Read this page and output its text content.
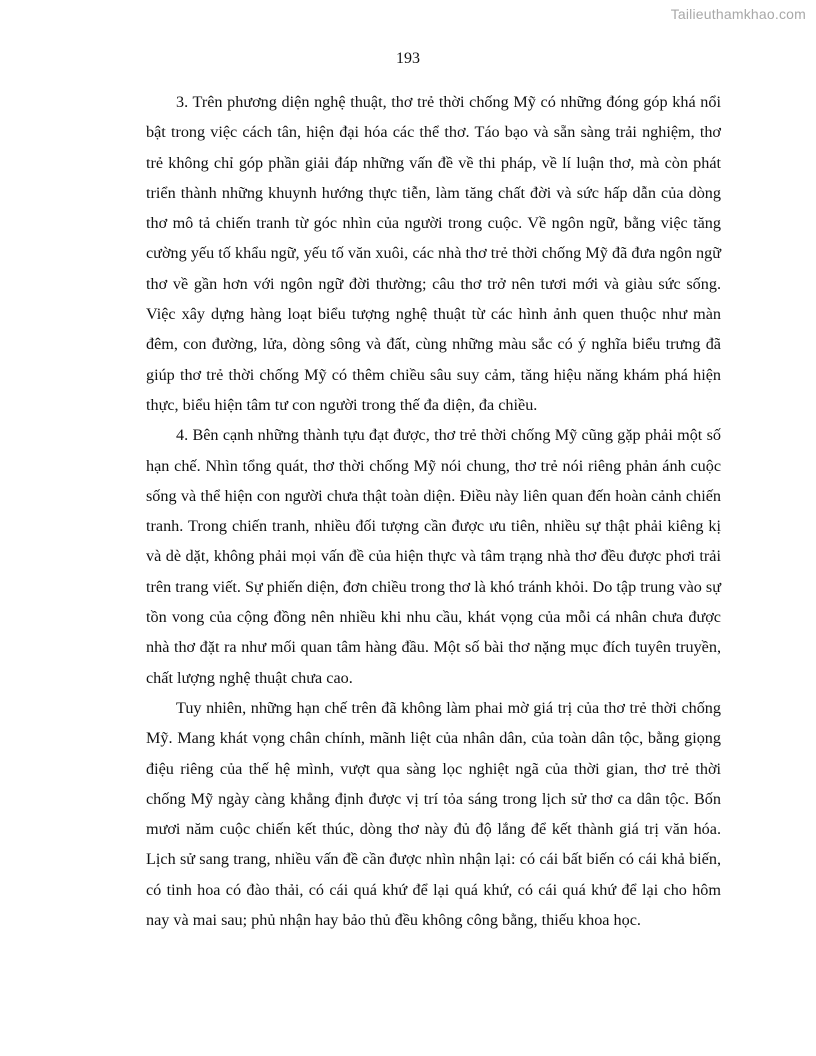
Tailieuthamkhao.com
193

3. Trên phương diện nghệ thuật, thơ trẻ thời chống Mỹ có những đóng góp khá nổi bật trong việc cách tân, hiện đại hóa các thể thơ. Táo bạo và sẵn sàng trải nghiệm, thơ trẻ không chỉ góp phần giải đáp những vấn đề về thi pháp, về lí luận thơ, mà còn phát triển thành những khuynh hướng thực tiễn, làm tăng chất đời và sức hấp dẫn của dòng thơ mô tả chiến tranh từ góc nhìn của người trong cuộc. Về ngôn ngữ, bằng việc tăng cường yếu tố khẩu ngữ, yếu tố văn xuôi, các nhà thơ trẻ thời chống Mỹ đã đưa ngôn ngữ thơ về gần hơn với ngôn ngữ đời thường; câu thơ trở nên tươi mới và giàu sức sống. Việc xây dựng hàng loạt biểu tượng nghệ thuật từ các hình ảnh quen thuộc như màn đêm, con đường, lửa, dòng sông và đất, cùng những màu sắc có ý nghĩa biểu trưng đã giúp thơ trẻ thời chống Mỹ có thêm chiều sâu suy cảm, tăng hiệu năng khám phá hiện thực, biểu hiện tâm tư con người trong thế đa diện, đa chiều.

4. Bên cạnh những thành tựu đạt được, thơ trẻ thời chống Mỹ cũng gặp phải một số hạn chế. Nhìn tổng quát, thơ thời chống Mỹ nói chung, thơ trẻ nói riêng phản ánh cuộc sống và thể hiện con người chưa thật toàn diện. Điều này liên quan đến hoàn cảnh chiến tranh. Trong chiến tranh, nhiều đối tượng cần được ưu tiên, nhiều sự thật phải kiêng kị và dè dặt, không phải mọi vấn đề của hiện thực và tâm trạng nhà thơ đều được phơi trải trên trang viết. Sự phiến diện, đơn chiều trong thơ là khó tránh khỏi. Do tập trung vào sự tồn vong của cộng đồng nên nhiều khi nhu cầu, khát vọng của mỗi cá nhân chưa được nhà thơ đặt ra như mối quan tâm hàng đầu. Một số bài thơ nặng mục đích tuyên truyền, chất lượng nghệ thuật chưa cao.

Tuy nhiên, những hạn chế trên đã không làm phai mờ giá trị của thơ trẻ thời chống Mỹ. Mang khát vọng chân chính, mãnh liệt của nhân dân, của toàn dân tộc, bằng giọng điệu riêng của thế hệ mình, vượt qua sàng lọc nghiệt ngã của thời gian, thơ trẻ thời chống Mỹ ngày càng khẳng định được vị trí tỏa sáng trong lịch sử thơ ca dân tộc. Bốn mươi năm cuộc chiến kết thúc, dòng thơ này đủ độ lắng để kết thành giá trị văn hóa. Lịch sử sang trang, nhiều vấn đề cần được nhìn nhận lại: có cái bất biến có cái khả biến, có tinh hoa có đào thải, có cái quá khứ để lại quá khứ, có cái quá khứ để lại cho hôm nay và mai sau; phủ nhận hay bảo thủ đều không công bằng, thiếu khoa học.
